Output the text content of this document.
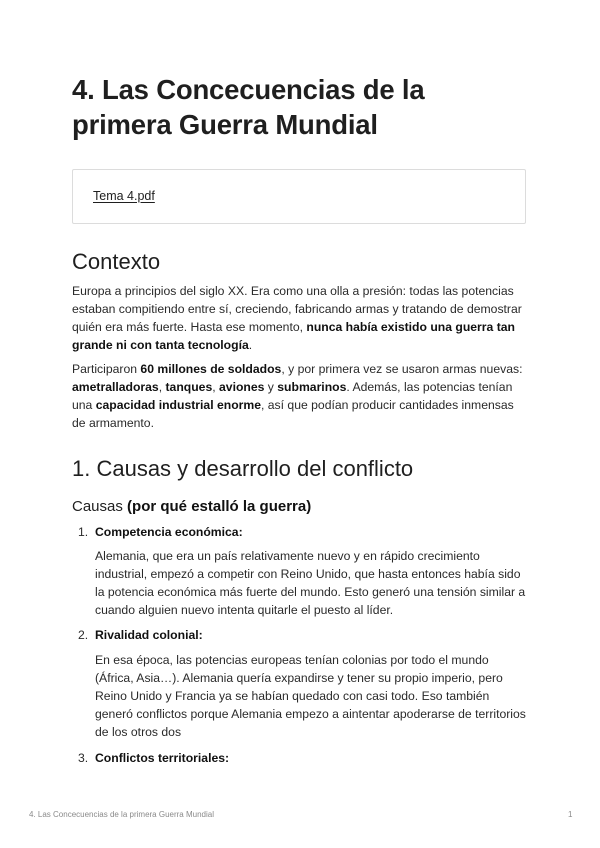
4. Las Concecuencias de la primera Guerra Mundial
Tema 4.pdf
Contexto

Europa a principios del siglo XX. Era como una olla a presión: todas las potencias estaban compitiendo entre sí, creciendo, fabricando armas y tratando de demostrar quién era más fuerte. Hasta ese momento, nunca había existido una guerra tan grande ni con tanta tecnología.

Participaron 60 millones de soldados, y por primera vez se usaron armas nuevas: ametralladoras, tanques, aviones y submarinos. Además, las potencias tenían una capacidad industrial enorme, así que podían producir cantidades inmensas de armamento.

1. Causas y desarrollo del conflicto
Causas (por qué estalló la guerra)
1. Competencia económica:

Alemania, que era un país relativamente nuevo y en rápido crecimiento industrial, empezó a competir con Reino Unido, que hasta entonces había sido la potencia económica más fuerte del mundo. Esto generó una tensión similar a cuando alguien nuevo intenta quitarle el puesto al líder.

2. Rivalidad colonial:

En esa época, las potencias europeas tenían colonias por todo el mundo (África, Asia…). Alemania quería expandirse y tener su propio imperio, pero Reino Unido y Francia ya se habían quedado con casi todo. Eso también generó conflictos porque Alemania empezo a aintentar apoderarse de territorios de los otros dos

3. Conflictos territoriales:
4. Las Concecuencias de la primera Guerra Mundial	1
